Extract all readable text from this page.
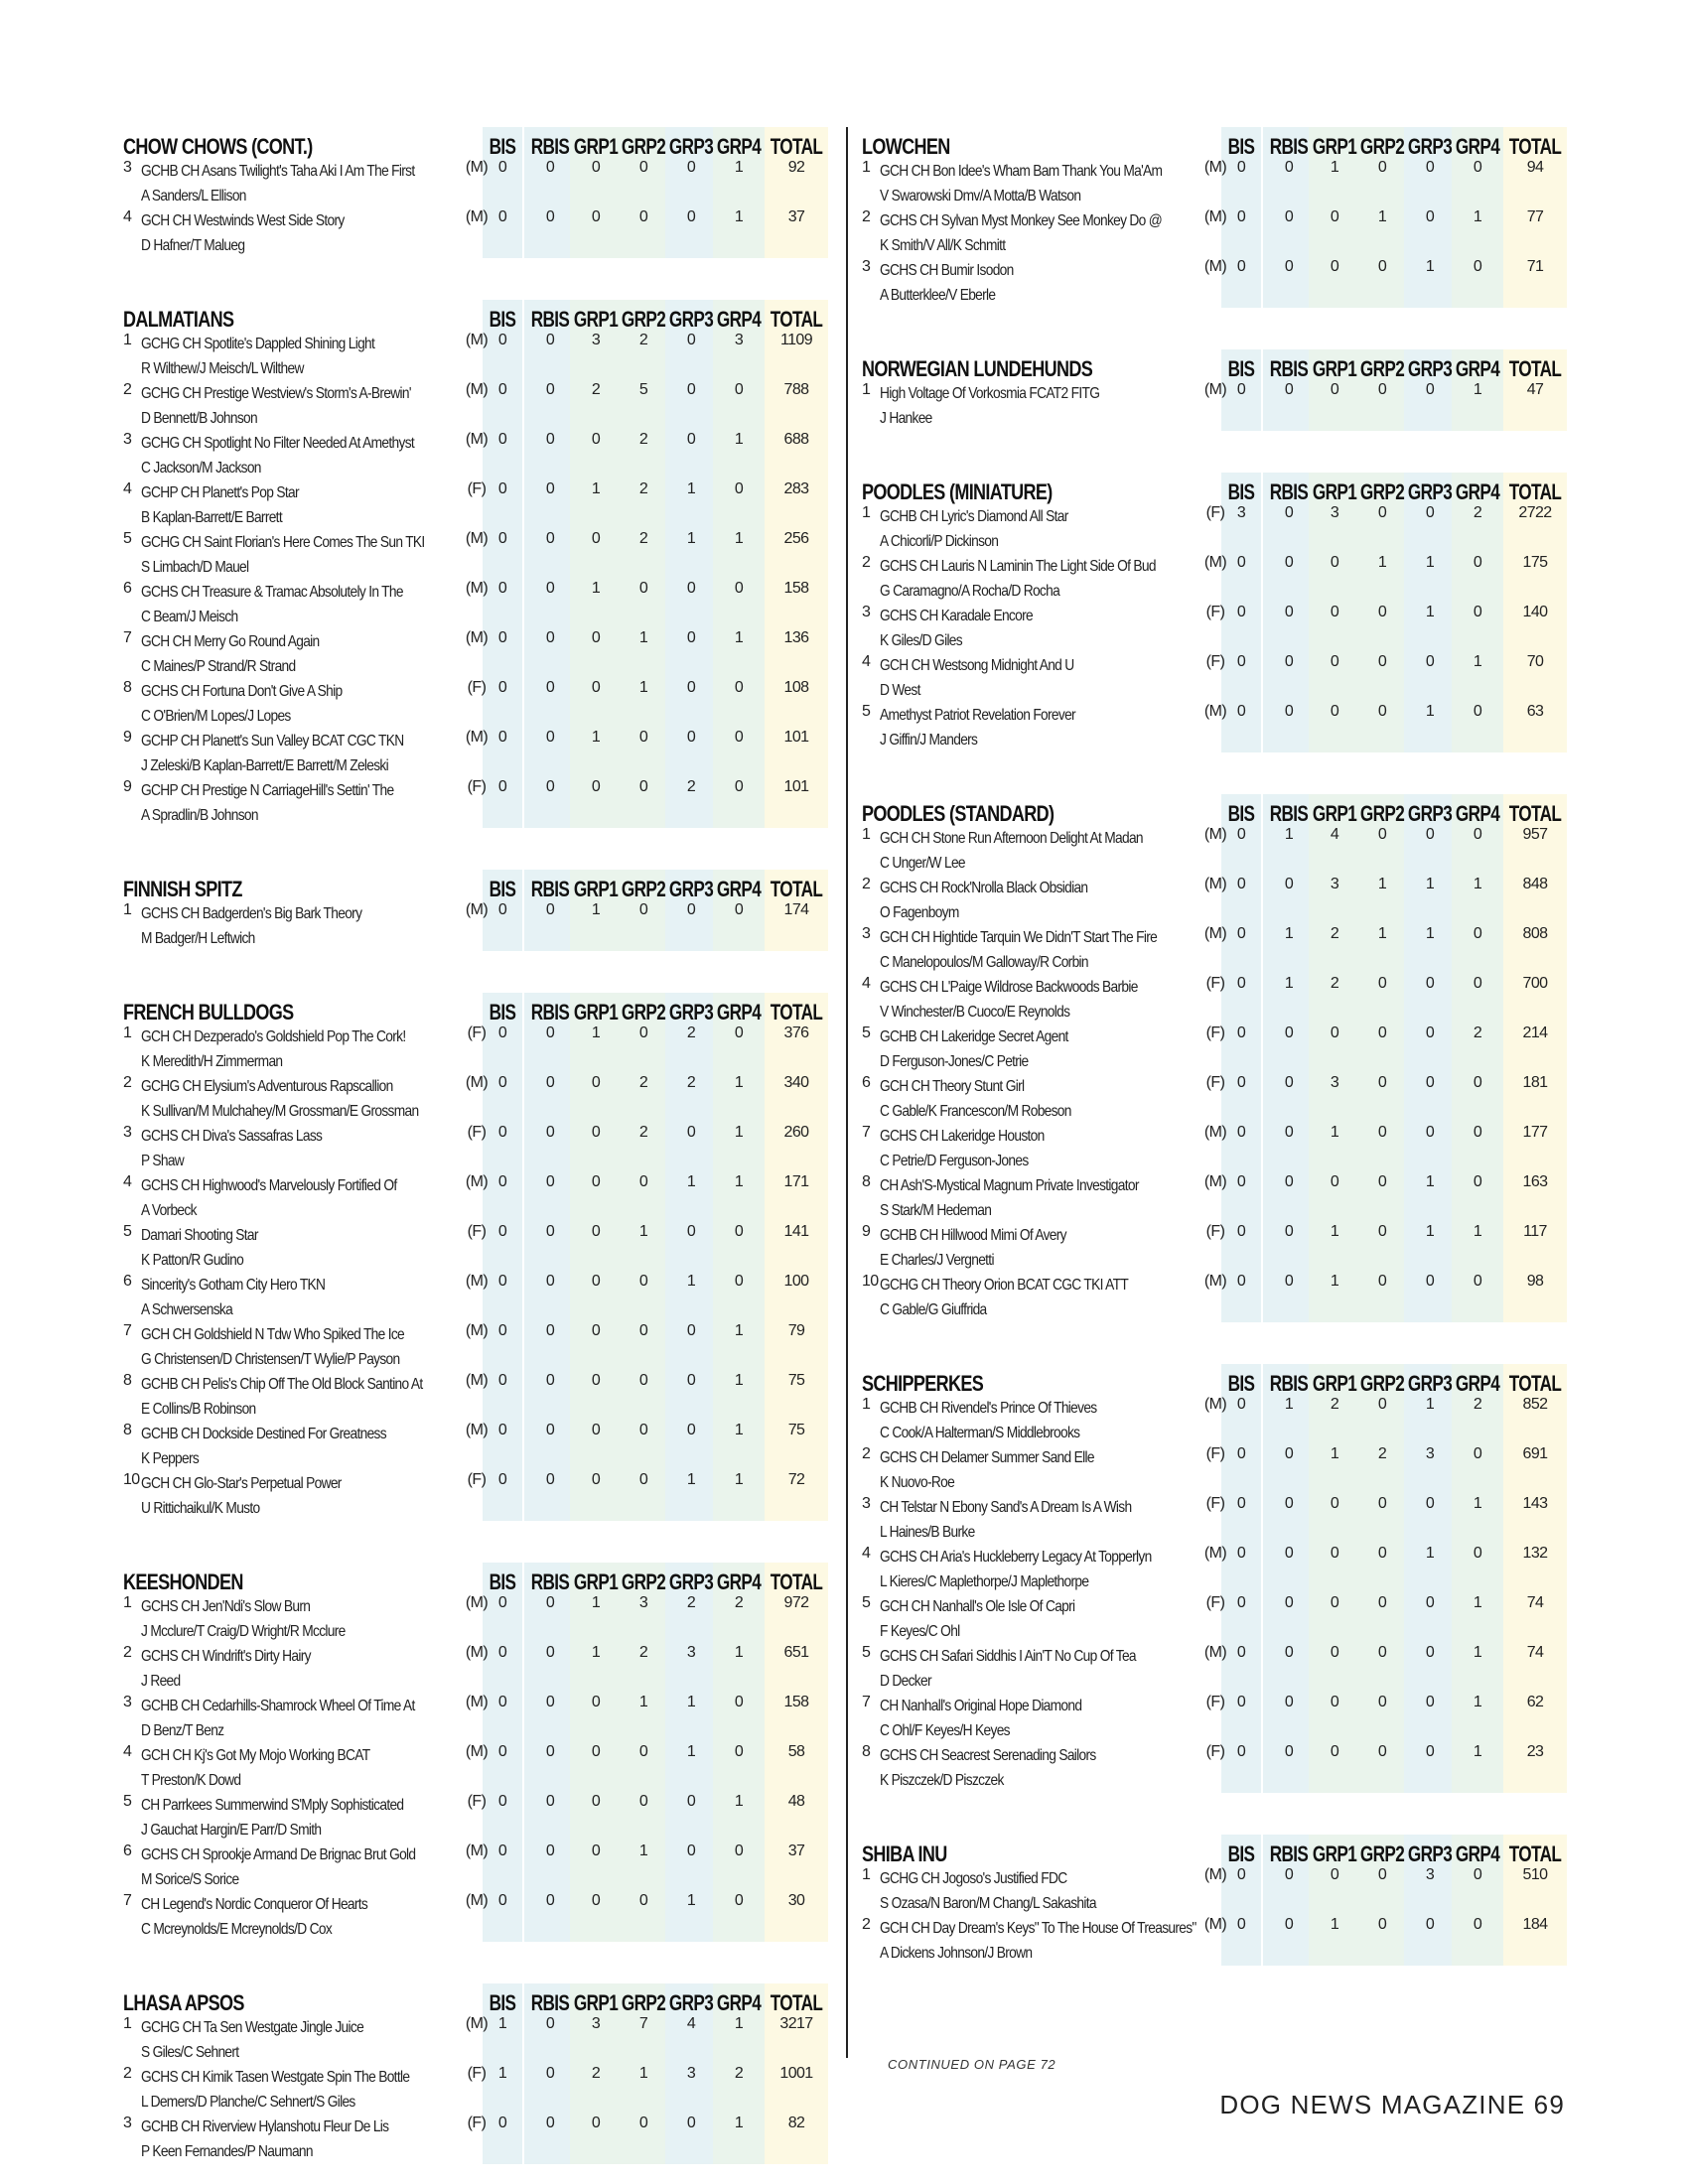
CHOW CHOWS (CONT.)	BIS RBIS GRP1 GRP2 GRP3 GRP4 TOTAL
3 GCHB CH Asans Twilight's Taha Aki I Am The First
A Sanders/L Ellison
(M) 0	0	0	0	0	1	92
4 GCH CH Westwinds West Side Story
D Hafner/T Malueg
(M) 0	0	0	0	0	1	37
DALMATIANS	BIS RBIS GRP1 GRP2 GRP3 GRP4 TOTAL
1 GCHG CH Spotlite's Dappled Shining Light
R Wilthew/J Meisch/L Wilthew
(M) 0	0	3	2	0	3	1109
2 GCHG CH Prestige Westview's Storm's A-Brewin'
D Bennett/B Johnson
(M) 0	0	2	5	0	0	788
3 GCHG CH Spotlight No Filter Needed At Amethyst
C Jackson/M Jackson
(M) 0	0	0	2	0	1	688
4 GCHP CH Planett's Pop Star
B Kaplan-Barrett/E Barrett
(F) 0	0	1	2	1	0	283
5 GCHG CH Saint Florian's Here Comes The Sun TKI
S Limbach/D Mauel
(M) 0	0	0	2	1	1	256
6 GCHS CH Treasure & Tramac Absolutely In The
C Beam/J Meisch
(M) 0	0	1	0	0	0	158
7 GCH CH Merry Go Round Again
C Maines/P Strand/R Strand
(M) 0	0	0	1	0	1	136
8 GCHS CH Fortuna Don't Give A Ship
C O'Brien/M Lopes/J Lopes
(F) 0	0	0	1	0	0	108
9 GCHP CH Planett's Sun Valley BCAT CGC TKN
J Zeleski/B Kaplan-Barrett/E Barrett/M Zeleski
(M) 0	0	1	0	0	0	101
9 GCHP CH Prestige N CarriageHill's Settin' The
A Spradlin/B Johnson
(F) 0	0	0	0	2	0	101
FINNISH SPITZ	BIS RBIS GRP1 GRP2 GRP3 GRP4 TOTAL
1 GCHS CH Badgerden's Big Bark Theory
M Badger/H Leftwich
(M) 0	0	1	0	0	0	174
FRENCH BULLDOGS	BIS RBIS GRP1 GRP2 GRP3 GRP4 TOTAL
1 GCH CH Dezperado's Goldshield Pop The Cork!
K Meredith/H Zimmerman
(F) 0	0	1	0	2	0	376
2 GCHG CH Elysium's Adventurous Rapscallion
K Sullivan/M Mulchahey/M Grossman/E Grossman
(M) 0	0	0	2	2	1	340
3 GCHS CH Diva's Sassafras Lass
P Shaw
(F) 0	0	0	2	0	1	260
4 GCHS CH Highwood's Marvelously Fortified Of
A Vorbeck
(M) 0	0	0	0	1	1	171
5 Damari Shooting Star
K Patton/R Gudino
(F) 0	0	0	1	0	0	141
6 Sincerity's Gotham City Hero TKN
A Schwersenska
(M) 0	0	0	0	1	0	100
7 GCH CH Goldshield N Tdw Who Spiked The Ice
G Christensen/D Christensen/T Wylie/P Payson
(M) 0	0	0	0	0	1	79
8 GCHB CH Pelis's Chip Off The Old Block Santino At
E Collins/B Robinson
(M) 0	0	0	0	0	1	75
8 GCHB CH Dockside Destined For Greatness
K Peppers
(M) 0	0	0	0	0	1	75
10 GCH CH Glo-Star's Perpetual Power
U Rittichaikul/K Musto
(F) 0	0	0	0	1	1	72
KEESHONDEN	BIS RBIS GRP1 GRP2 GRP3 GRP4 TOTAL
1 GCHS CH Jen'Ndi's Slow Burn
J Mcclure/T Craig/D Wright/R Mcclure
(M) 0	0	1	3	2	2	972
2 GCHS CH Windrift's Dirty Hairy
J Reed
(M) 0	0	1	2	3	1	651
3 GCHB CH Cedarhills-Shamrock Wheel Of Time At
D Benz/T Benz
(M) 0	0	0	1	1	0	158
4 GCH CH Kj's Got My Mojo Working BCAT
T Preston/K Dowd
(M) 0	0	0	0	1	0	58
5 CH Parrkees Summerwind S'Mply Sophisticated
J Gauchat Hargin/E Parr/D Smith
(F) 0	0	0	0	0	1	48
6 GCHS CH Sprookje Armand De Brignac Brut Gold
M Sorice/S Sorice
(M) 0	0	0	1	0	0	37
7 CH Legend's Nordic Conqueror Of Hearts
C Mcreynolds/E Mcreynolds/D Cox
(M) 0	0	0	0	1	0	30
LHASA APSOS	BIS RBIS GRP1 GRP2 GRP3 GRP4 TOTAL
1 GCHG CH Ta Sen Westgate Jingle Juice
S Giles/C Sehnert
(M) 1	0	3	7	4	1	3217
2 GCHS CH Kimik Tasen Westgate Spin The Bottle
L Demers/D Planche/C Sehnert/S Giles
(F) 1	0	2	1	3	2	1001
3 GCHB CH Riverview Hylanshotu Fleur De Lis
P Keen Fernandes/P Naumann
(F) 0	0	0	0	0	1	82
LOWCHEN	BIS RBIS GRP1 GRP2 GRP3 GRP4 TOTAL
1 GCH CH Bon Idee's Wham Bam Thank You Ma'Am
V Swarowski Dmv/A Motta/B Watson
(M) 0	0	1	0	0	0	94
2 GCHS CH Sylvan Myst Monkey See Monkey Do @
K Smith/V All/K Schmitt
(M) 0	0	0	1	0	1	77
3 GCHS CH Bumir Isodon
A Butterklee/V Eberle
(M) 0	0	0	0	1	0	71
NORWEGIAN LUNDEHUNDS	BIS RBIS GRP1 GRP2 GRP3 GRP4 TOTAL
1 High Voltage Of Vorkosmia FCAT2 FITG
J Hankee
(M) 0	0	0	0	0	1	47
POODLES (MINIATURE)	BIS RBIS GRP1 GRP2 GRP3 GRP4 TOTAL
1 GCHB CH Lyric's Diamond All Star
A Chicorli/P Dickinson
(F) 3	0	3	0	0	2	2722
2 GCHS CH Lauris N Laminin The Light Side Of Bud
G Caramagno/A Rocha/D Rocha
(M) 0	0	0	1	1	0	175
3 GCHS CH Karadale Encore
K Giles/D Giles
(F) 0	0	0	0	1	0	140
4 GCH CH Westsong Midnight And U
D West
(F) 0	0	0	0	0	1	70
5 Amethyst Patriot Revelation Forever
J Giffin/J Manders
(M) 0	0	0	0	1	0	63
POODLES (STANDARD)	BIS RBIS GRP1 GRP2 GRP3 GRP4 TOTAL
1 GCH CH Stone Run Afternoon Delight At Madan
C Unger/W Lee
(M) 0	1	4	0	0	0	957
2 GCHS CH Rock'Nrolla Black Obsidian
O Fagenboym
(M) 0	0	3	1	1	1	848
3 GCH CH Hightide Tarquin We Didn'T Start The Fire
C Manelopoulos/M Galloway/R Corbin
(M) 0	1	2	1	1	0	808
4 GCHS CH L'Paige Wildrose Backwoods Barbie
V Winchester/B Cuoco/E Reynolds
(F) 0	1	2	0	0	0	700
5 GCHB CH Lakeridge Secret Agent
D Ferguson-Jones/C Petrie
(F) 0	0	0	0	0	2	214
6 GCH CH Theory Stunt Girl
C Gable/K Francescon/M Robeson
(F) 0	0	3	0	0	0	181
7 GCHS CH Lakeridge Houston
C Petrie/D Ferguson-Jones
(M) 0	0	1	0	0	0	177
8 CH Ash'S-Mystical Magnum Private Investigator
S Stark/M Hedeman
(M) 0	0	0	0	1	0	163
9 GCHB CH Hillwood Mimi Of Avery
E Charles/J Vergnetti
(F) 0	0	1	0	1	1	117
10 GCHG CH Theory Orion BCAT CGC TKI ATT
C Gable/G Giuffrida
(M) 0	0	1	0	0	0	98
SCHIPPERKES	BIS RBIS GRP1 GRP2 GRP3 GRP4 TOTAL
1 GCHB CH Rivendel's Prince Of Thieves
C Cook/A Halterman/S Middlebrooks
(M) 0	1	2	0	1	2	852
2 GCHS CH Delamer Summer Sand Elle
K Nuovo-Roe
(F) 0	0	1	2	3	0	691
3 CH Telstar N Ebony Sand's A Dream Is A Wish
L Haines/B Burke
(F) 0	0	0	0	0	1	143
4 GCHS CH Aria's Huckleberry Legacy At Topperlyn
L Kieres/C Maplethorpe/J Maplethorpe
(M) 0	0	0	0	1	0	132
5 GCH CH Nanhall's Ole Isle Of Capri
F Keyes/C Ohl
(F) 0	0	0	0	0	1	74
5 GCHS CH Safari Siddhis I Ain'T No Cup Of Tea
D Decker
(M) 0	0	0	0	0	1	74
7 CH Nanhall's Original Hope Diamond
C Ohl/F Keyes/H Keyes
(F) 0	0	0	0	0	1	62
8 GCHS CH Seacrest Serenading Sailors
K Piszczek/D Piszczek
(F) 0	0	0	0	0	1	23
SHIBA INU	BIS RBIS GRP1 GRP2 GRP3 GRP4 TOTAL
1 GCHG CH Jogoso's Justified FDC
S Ozasa/N Baron/M Chang/L Sakashita
(M) 0	0	0	0	3	0	510
2 GCH CH Day Dream's Keys" To The House Of Treasures"
A Dickens Johnson/J Brown
(M) 0	0	1	0	0	0	184
CONTINUED ON PAGE 72
DOG NEWS MAGAZINE 69
